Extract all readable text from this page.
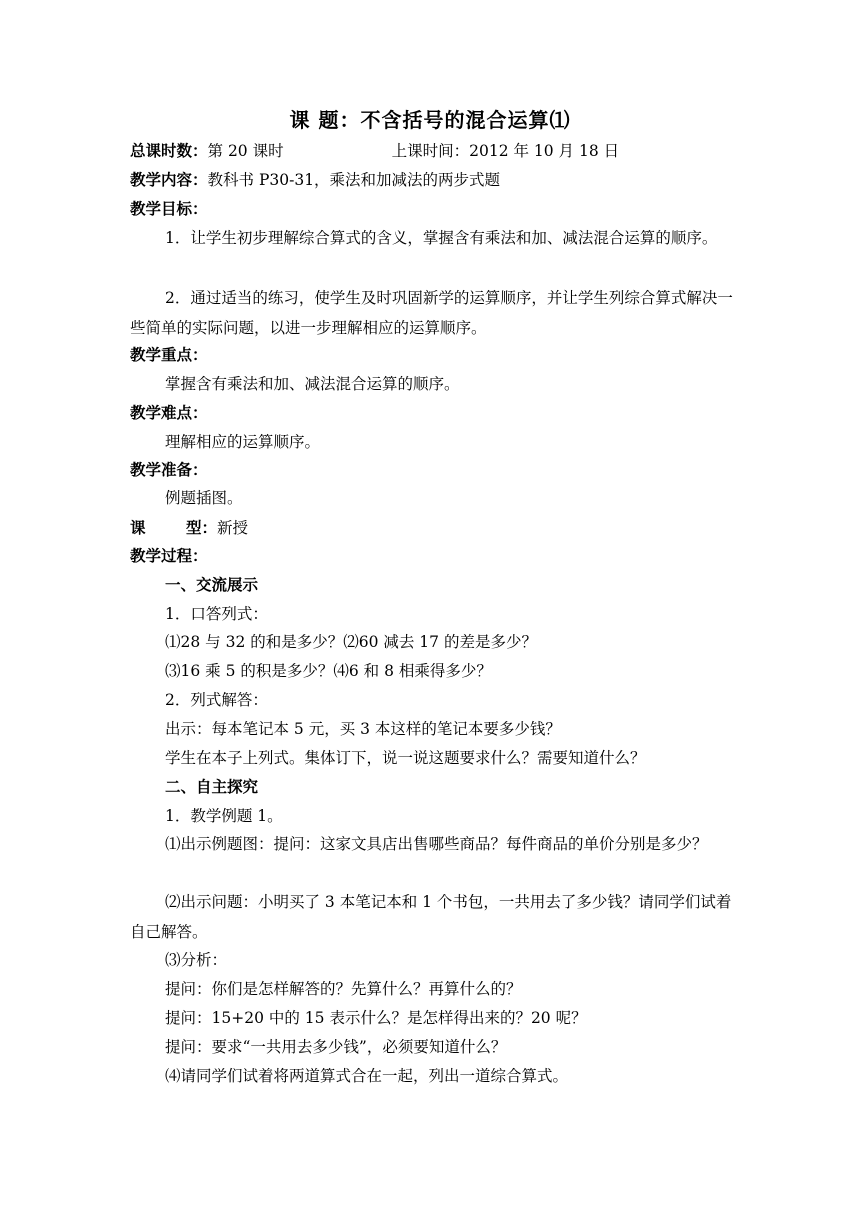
课 题：不含括号的混合运算⑴
总课时数：第 20 课时	上课时间：2012 年 10 月 18 日
教学内容：教科书 P30-31，乘法和加减法的两步式题
教学目标：
1．让学生初步理解综合算式的含义，掌握含有乘法和加、减法混合运算的顺序。
2．通过适当的练习，使学生及时巩固新学的运算顺序，并让学生列综合算式解决一些简单的实际问题，以进一步理解相应的运算顺序。
教学重点：
掌握含有乘法和加、减法混合运算的顺序。
教学难点：
理解相应的运算顺序。
教学准备：
例题插图。
课	型：新授
教学过程：
一、交流展示
1．口答列式：
⑴28 与 32 的和是多少？⑵60 减去 17 的差是多少？
⑶16 乘 5 的积是多少？⑷6 和 8 相乘得多少？
2．列式解答：
出示：每本笔记本 5 元，买 3 本这样的笔记本要多少钱？
学生在本子上列式。集体订下，说一说这题要求什么？需要知道什么？
二、自主探究
1．教学例题 1。
⑴出示例题图：提问：这家文具店出售哪些商品？每件商品的单价分别是多少？
⑵出示问题：小明买了 3 本笔记本和 1 个书包，一共用去了多少钱？请同学们试着自己解答。
⑶分析：
提问：你们是怎样解答的？先算什么？再算什么的？
提问：15+20 中的 15 表示什么？是怎样得出来的？20 呢？
提问：要求“一共用去多少钱”，必须要知道什么？
⑷请同学们试着将两道算式合在一起，列出一道综合算式。
